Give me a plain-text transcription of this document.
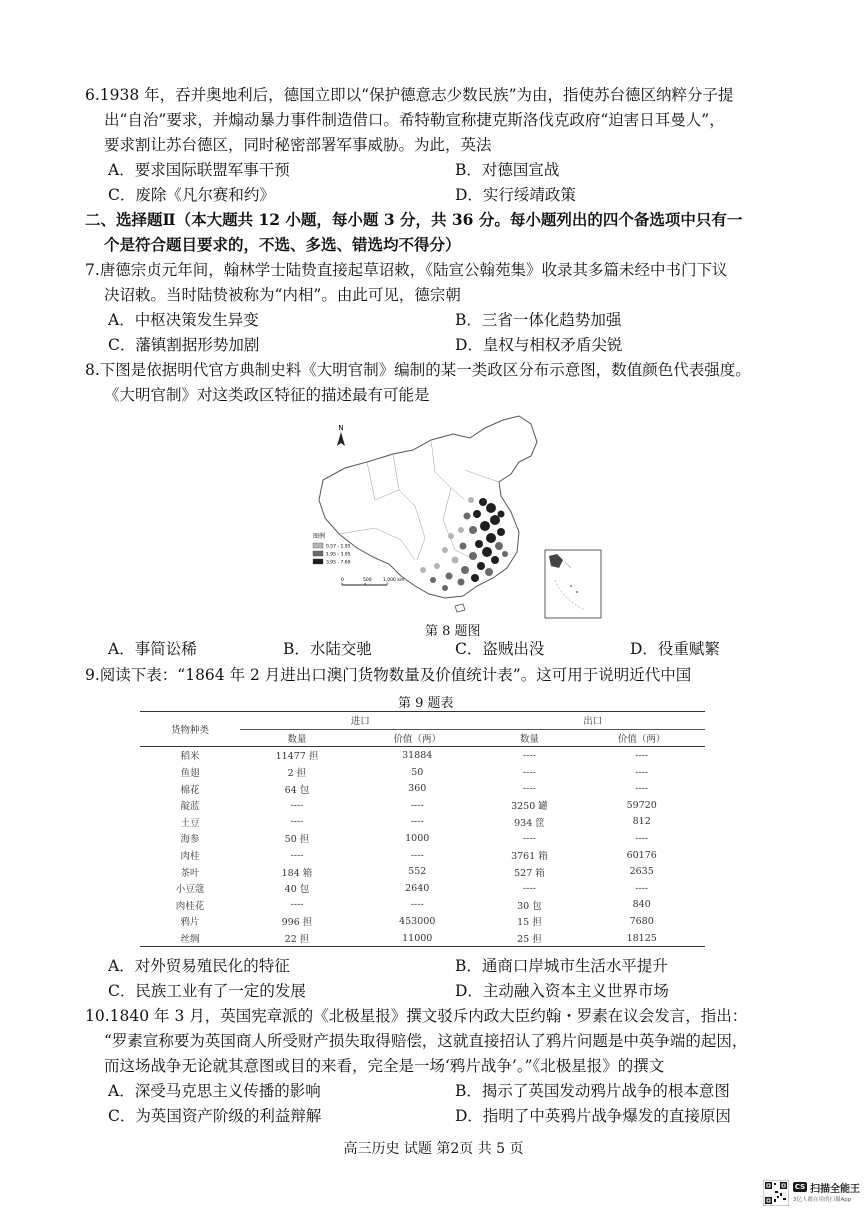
6.1938 年，吞并奥地利后，德国立即以“保护德意志少数民族”为由，指使苏台德区纳粹分子提
出“自治”要求，并煽动暴力事件制造借口。希特勒宣称捷克斯洛伐克政府“迫害日耳曼人”，
要求割让苏台德区，同时秘密部署军事威胁。为此，英法
A．要求国际联盟军事干预	B．对德国宣战
C．废除《凡尔赛和约》	D．实行绥靖政策
二、选择题Ⅱ（本大题共 12 小题，每小题 3 分，共 36 分。每小题列出的四个备选项中只有一
个是符合题目要求的，不选、多选、错选均不得分）
7.唐德宗贞元年间，翰林学士陆贽直接起草诏敕，《陆宣公翰苑集》收录其多篇未经中书门下议
决诏敕。当时陆贽被称为“内相”。由此可见，德宗朝
A．中枢决策发生异变	B．三省一体化趋势加强
C．藩镇割据形势加剧	D．皇权与相权矛盾尖锐
8.下图是依据明代官方典制史料《大明官制》编制的某一类政区分布示意图，数值颜色代表强度。
《大明官制》对这类政区特征的描述最有可能是
N
图例
0.57 - 1.95
1.95 - 3.95
3.95 - 7.69
0	500	1,000 km
第 8 题图
A．事简讼稀	B．水陆交驰	C．盗贼出没	D．役重赋繁
9.阅读下表：“1864 年 2 月进出口澳门货物数量及价值统计表”。这可用于说明近代中国
第 9 题表
货物种类	进口		出口	
	数量	价值（两）	数量	价值（两）
稻米	11477 担	31884	----	----
鱼翅	2 担	50	----	----
棉花	64 包	360	----	----
靛蓝	----	----	3250 罐	59720
土豆	----	----	934 筐	812
海参	50 担	1000	----	----
肉桂	----	----	3761 箱	60176
茶叶	184 箱	552	527 箱	2635
小豆蔻	40 包	2640	----	----
肉桂花	----	----	30 包	840
鸦片	996 担	453000	15 担	7680
丝绸	22 担	11000	25 担	18125
A．对外贸易殖民化的特征	B．通商口岸城市生活水平提升
C．民族工业有了一定的发展	D．主动融入资本主义世界市场
10.1840 年 3 月，英国宪章派的《北极星报》撰文驳斥内政大臣约翰・罗素在议会发言，指出：
“罗素宣称要为英国商人所受财产损失取得赔偿，这就直接招认了鸦片问题是中英争端的起因，
而这场战争无论就其意图或目的来看，完全是一场‘鸦片战争’。”《北极星报》的撰文
A．深受马克思主义传播的影响	B．揭示了英国发动鸦片战争的根本意图
C．为英国资产阶级的利益辩解	D．指明了中英鸦片战争爆发的直接原因
高三历史 试题 第2页 共 5 页
CS 扫描全能王
3亿人都在用的扫描App
